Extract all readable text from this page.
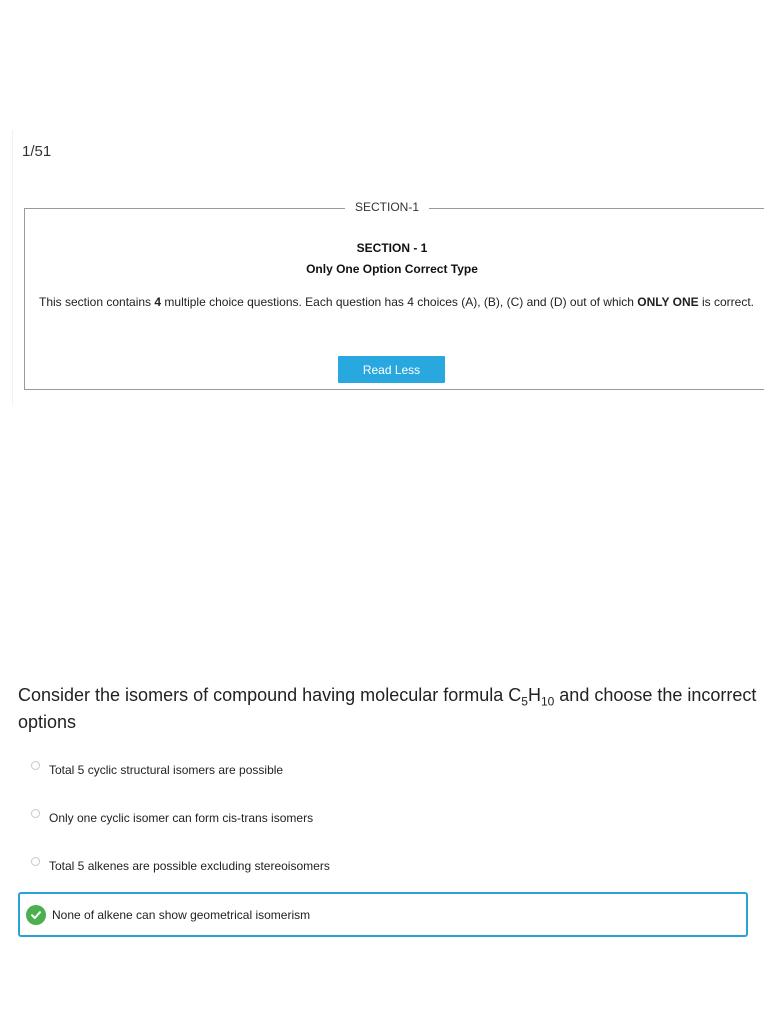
1/51
SECTION-1
SECTION - 1
Only One Option Correct Type
This section contains 4 multiple choice questions. Each question has 4 choices (A), (B), (C) and (D) out of which ONLY ONE is correct.
Read Less
Consider the isomers of compound having molecular formula $C_5H_{10}$ and choose the incorrect options
Total 5 cyclic structural isomers are possible
Only one cyclic isomer can form cis-trans isomers
Total 5 alkenes are possible excluding stereoisomers
None of alkene can show geometrical isomerism
